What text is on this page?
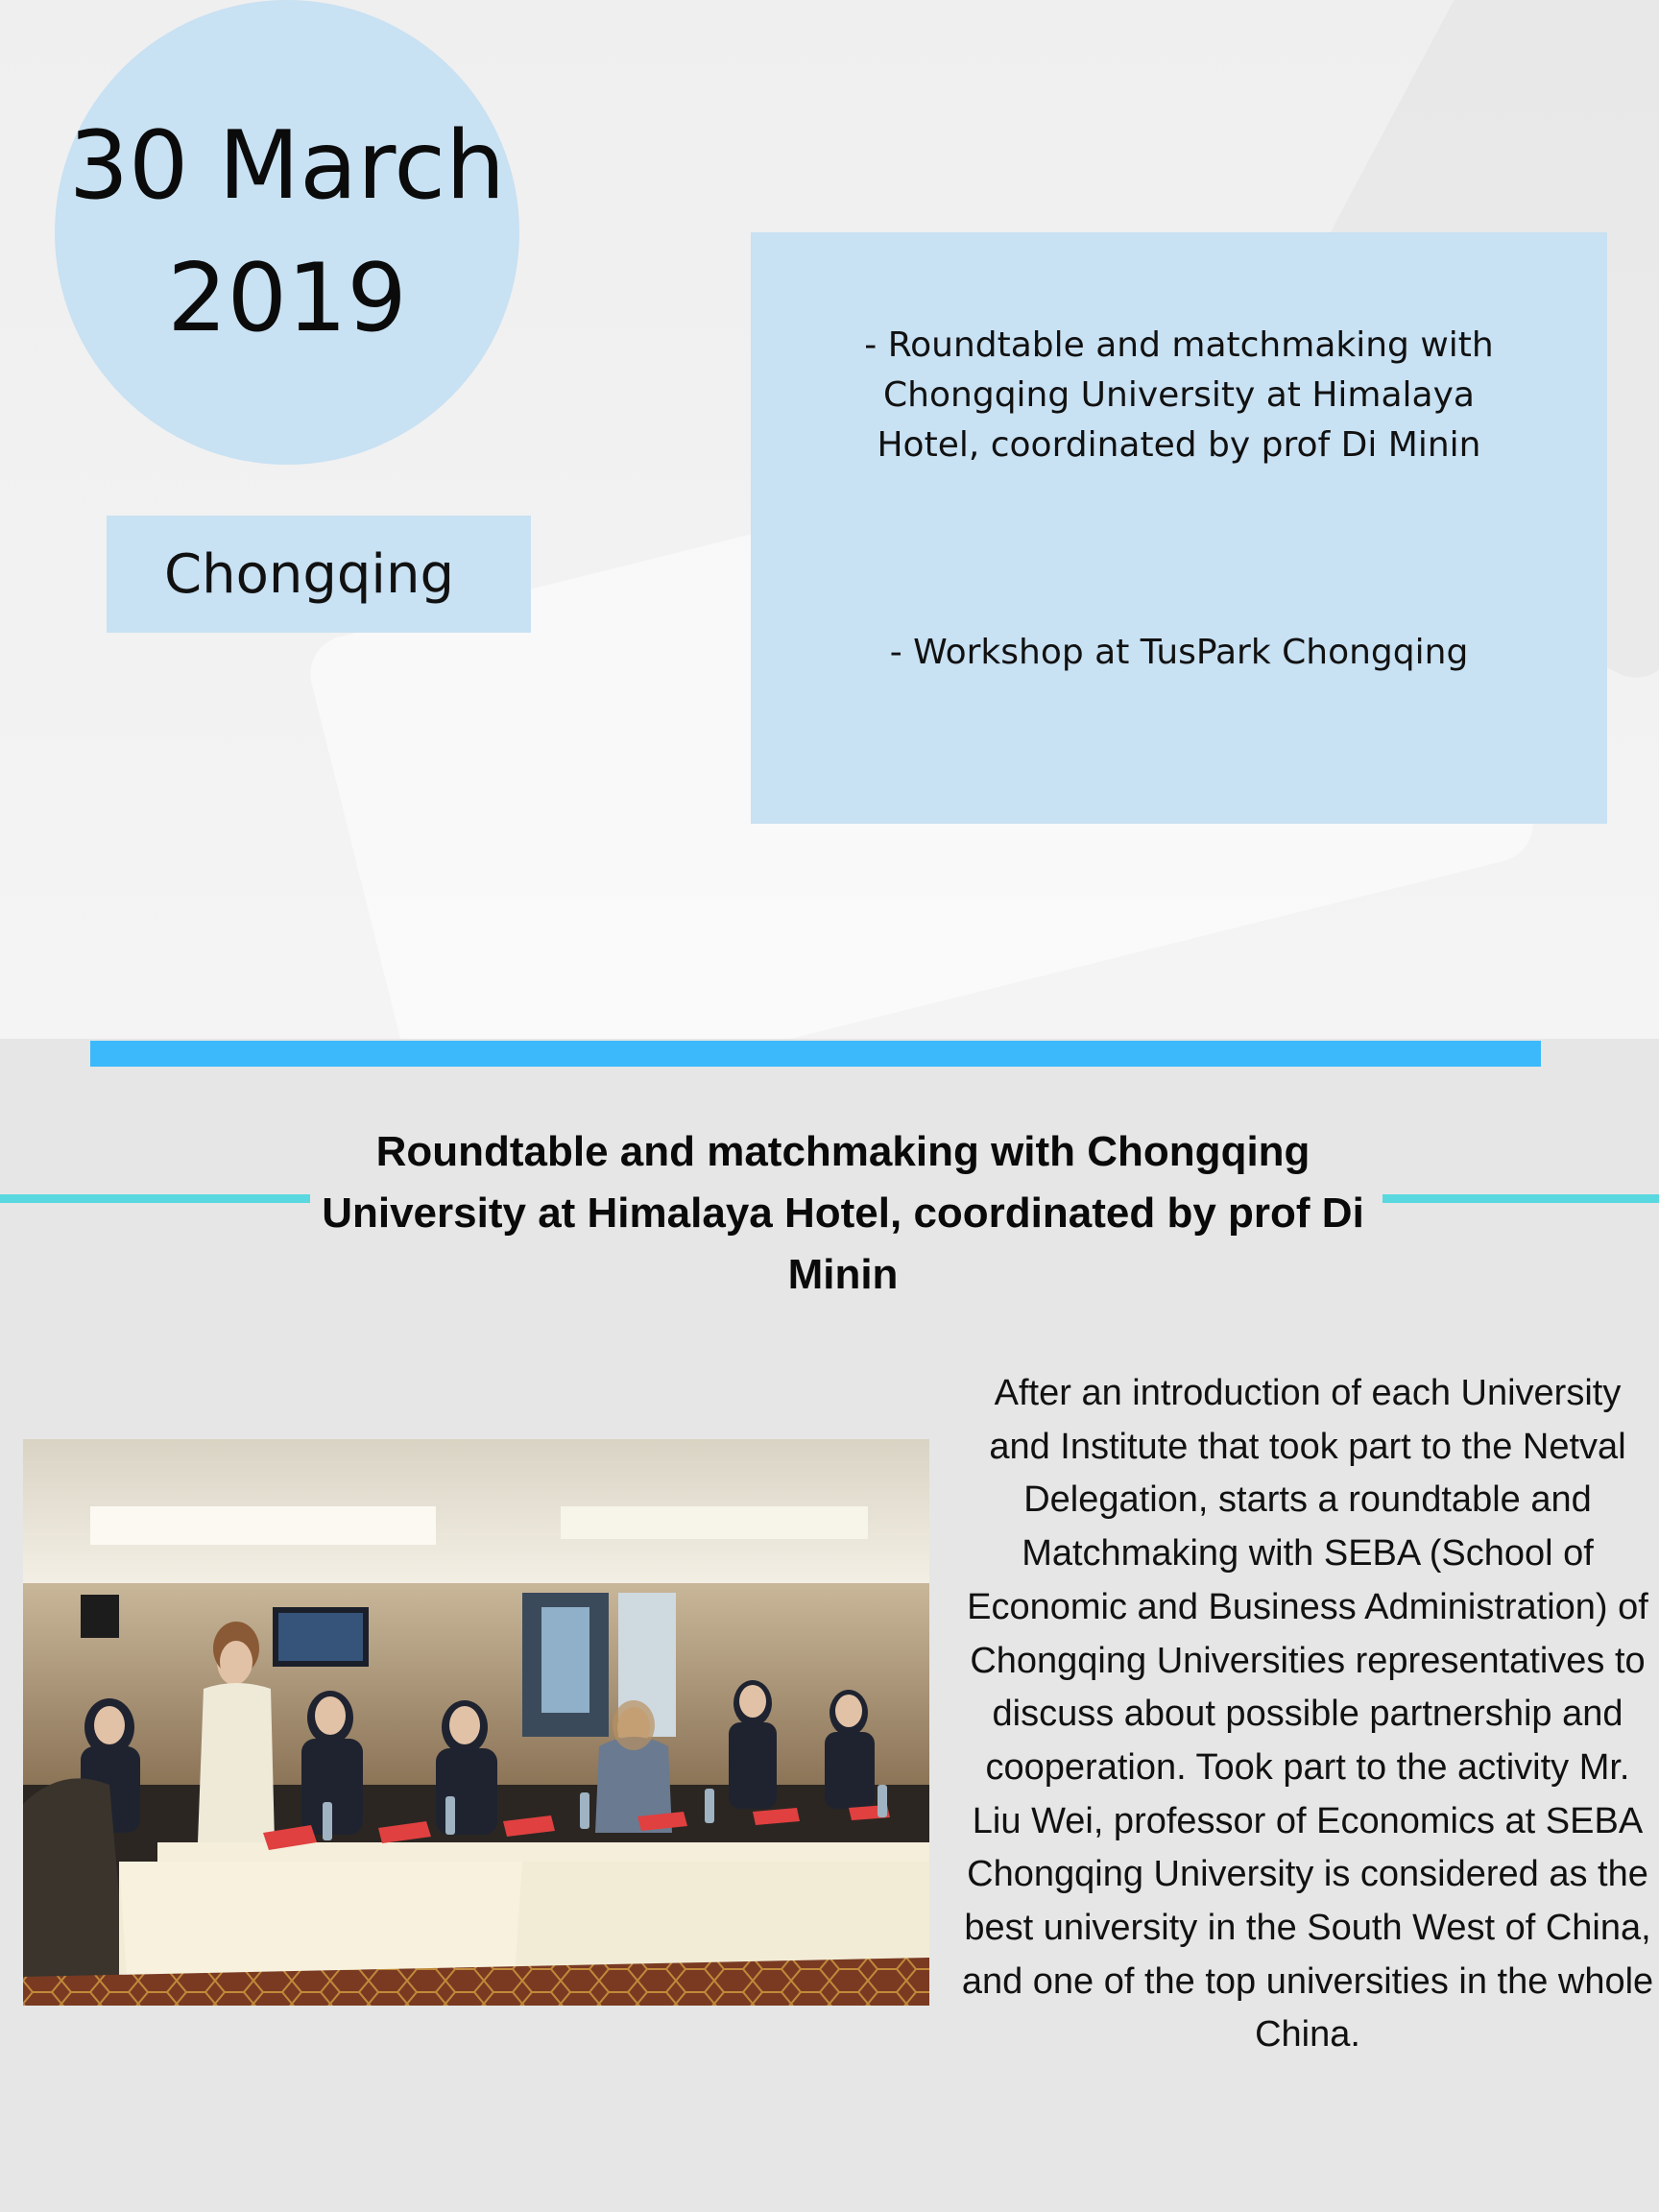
30 March
2019
Chongqing
- Roundtable and matchmaking with Chongqing University at Himalaya Hotel, coordinated by prof Di Minin
- Workshop at TusPark Chongqing
Roundtable and matchmaking with Chongqing University at Himalaya Hotel, coordinated by prof Di Minin

After an introduction of each University and Institute that took part to the Netval Delegation, starts a roundtable and Matchmaking with SEBA (School of Economic and Business Administration) of Chongqing Universities representatives to discuss about possible partnership and cooperation. Took part to the activity Mr. Liu Wei, professor of Economics at SEBA Chongqing University is considered as the best university in the South West of China, and one of the top universities in the whole China.
